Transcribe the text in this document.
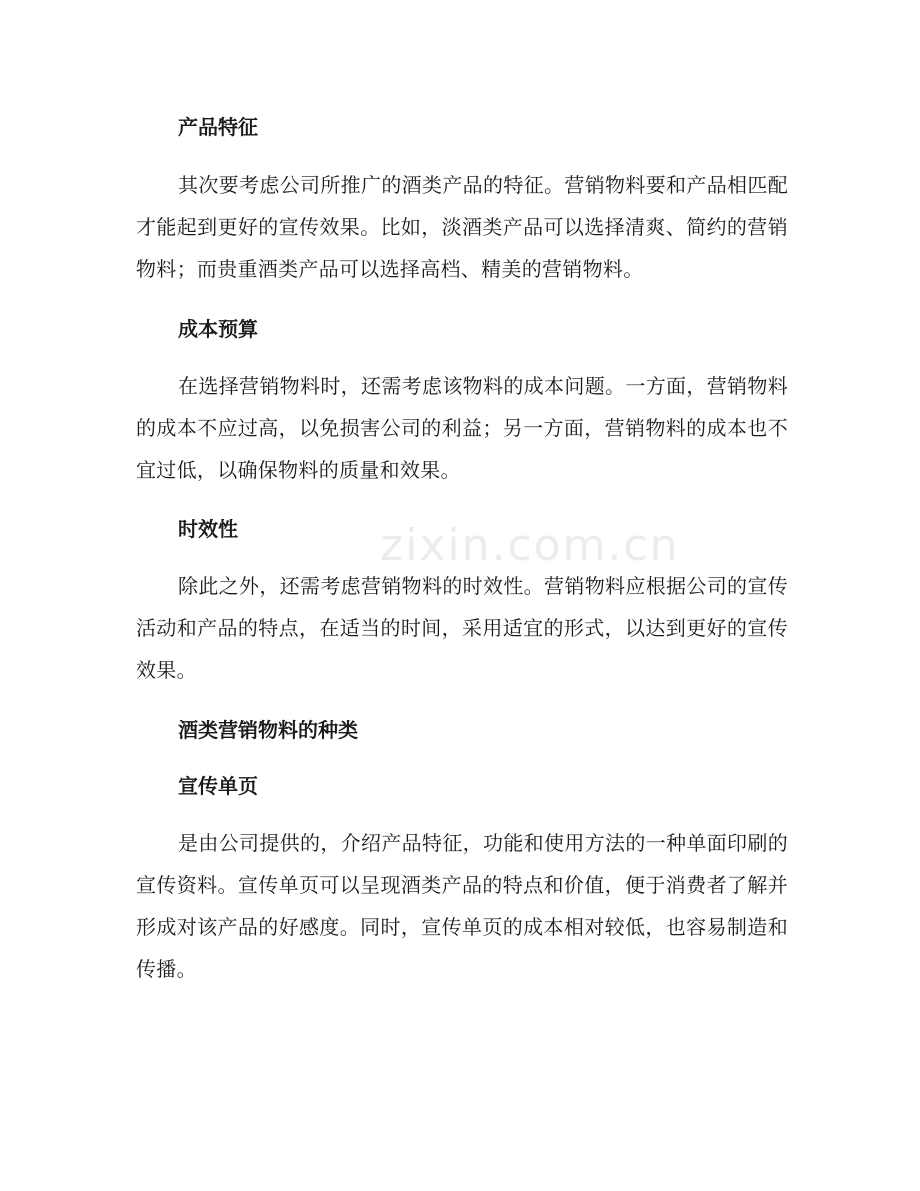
产品特征
其次要考虑公司所推广的酒类产品的特征。营销物料要和产品相匹配才能起到更好的宣传效果。比如，淡酒类产品可以选择清爽、简约的营销物料；而贵重酒类产品可以选择高档、精美的营销物料。
成本预算
在选择营销物料时，还需考虑该物料的成本问题。一方面，营销物料的成本不应过高，以免损害公司的利益；另一方面，营销物料的成本也不宜过低，以确保物料的质量和效果。
时效性
除此之外，还需考虑营销物料的时效性。营销物料应根据公司的宣传活动和产品的特点，在适当的时间，采用适宜的形式，以达到更好的宣传效果。
酒类营销物料的种类
宣传单页
是由公司提供的，介绍产品特征，功能和使用方法的一种单面印刷的宣传资料。宣传单页可以呈现酒类产品的特点和价值，便于消费者了解并形成对该产品的好感度。同时，宣传单页的成本相对较低，也容易制造和传播。
zixin.com.cn
